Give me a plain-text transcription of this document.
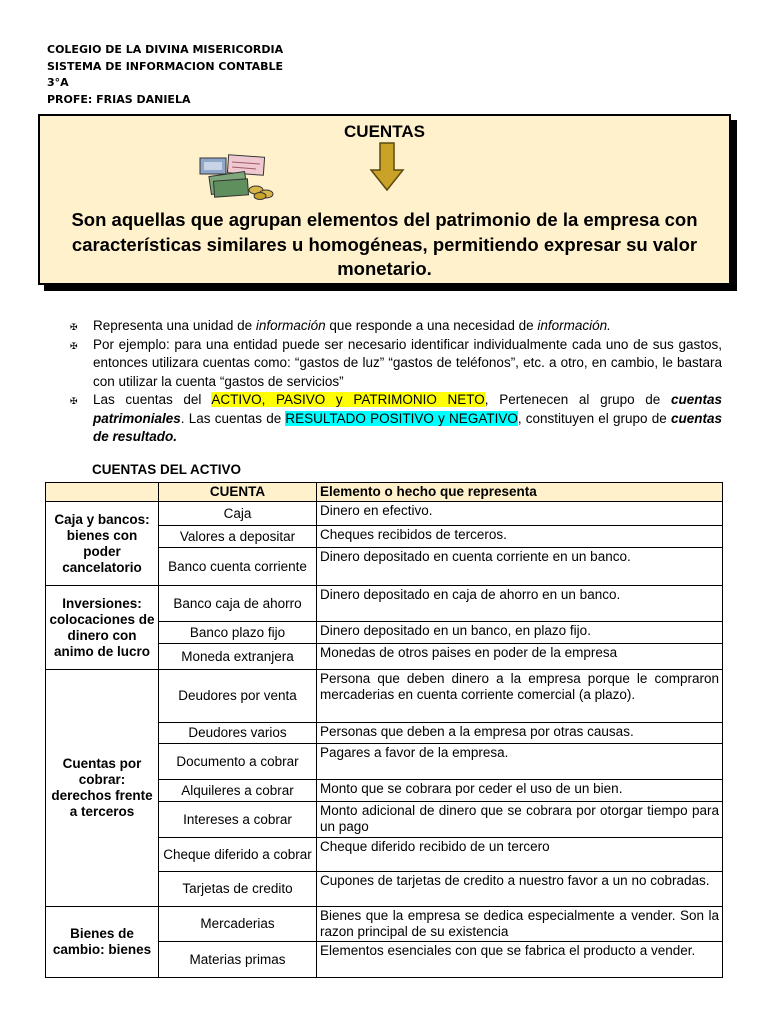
COLEGIO DE LA DIVINA MISERICORDIA
SISTEMA DE INFORMACION CONTABLE
3°A
PROFE: FRIAS DANIELA
CUENTAS
Son aquellas que agrupan elementos del patrimonio de la empresa con características similares u homogéneas, permitiendo expresar su valor monetario.
✠ Representa una unidad de información que responde a una necesidad de información.
✠ Por ejemplo: para una entidad puede ser necesario identificar individualmente cada uno de sus gastos, entonces utilizara cuentas como: “gastos de luz” “gastos de teléfonos”, etc. a otro, en cambio, le bastara con utilizar la cuenta “gastos de servicios”
✠ Las cuentas del ACTIVO, PASIVO y PATRIMONIO NETO, Pertenecen al grupo de cuentas patrimoniales. Las cuentas de RESULTADO POSITIVO y NEGATIVO, constituyen el grupo de cuentas de resultado.
CUENTAS DEL ACTIVO
	CUENTA	Elemento o hecho que representa
Caja y bancos: bienes con poder cancelatorio	Caja	Dinero en efectivo.
	Valores a depositar	Cheques recibidos de terceros.
	Banco cuenta corriente	Dinero depositado en cuenta corriente en un banco.
Inversiones: colocaciones de dinero con animo de lucro	Banco caja de ahorro	Dinero depositado en caja de ahorro en un banco.
	Banco plazo fijo	Dinero depositado en un banco, en plazo fijo.
	Moneda extranjera	Monedas de otros paises en poder de la empresa
Cuentas por cobrar: derechos frente a terceros	Deudores por venta	Persona que deben dinero a la empresa porque le compraron mercaderias en cuenta corriente comercial (a plazo).
	Deudores varios	Personas que deben a la empresa por otras causas.
	Documento a cobrar	Pagares a favor de la empresa.
	Alquileres a cobrar	Monto que se cobrara por ceder el uso de un bien.
	Intereses a cobrar	Monto adicional de dinero que se cobrara por otorgar tiempo para un pago
	Cheque diferido a cobrar	Cheque diferido recibido de un tercero
	Tarjetas de credito	Cupones de tarjetas de credito a nuestro favor a un no cobradas.
Bienes de cambio: bienes	Mercaderias	Bienes que la empresa se dedica especialmente a vender. Son la razon principal de su existencia
	Materias primas	Elementos esenciales con que se fabrica el producto a vender.
